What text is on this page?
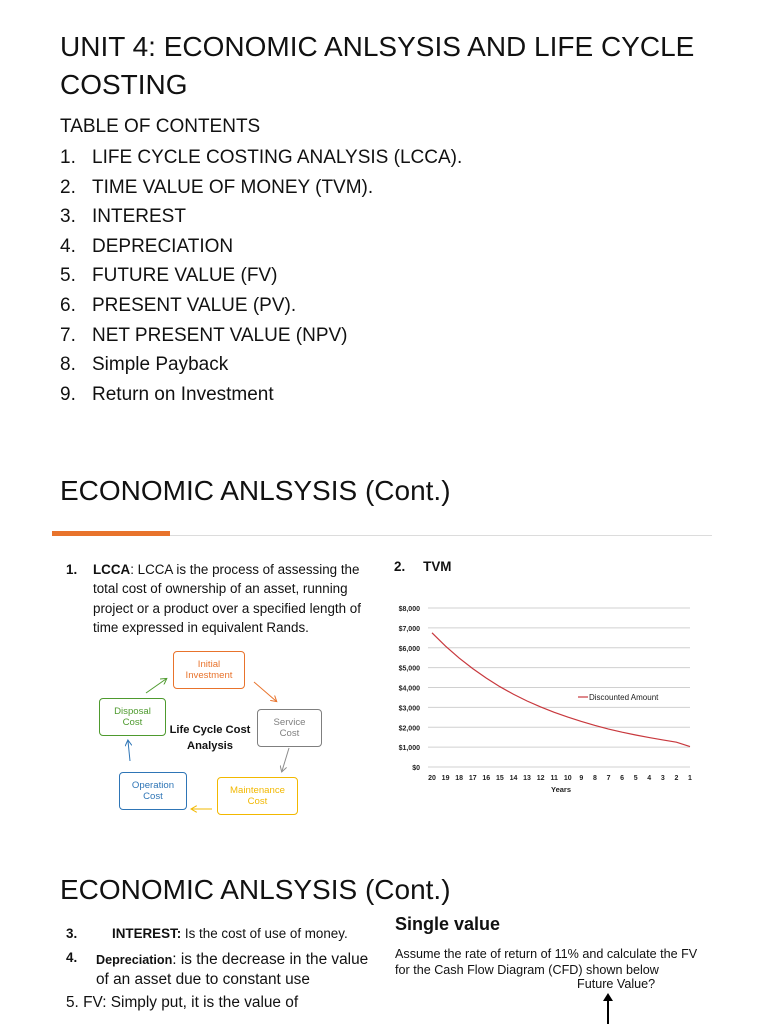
UNIT 4: ECONOMIC ANLSYSIS AND LIFE CYCLE COSTING
TABLE OF CONTENTS
1. LIFE CYCLE COSTING ANALYSIS (LCCA).
2. TIME VALUE OF MONEY (TVM).
3. INTEREST
4. DEPRECIATION
5. FUTURE VALUE (FV)
6. PRESENT VALUE (PV).
7. NET PRESENT VALUE (NPV)
8. Simple Payback
9. Return on Investment
ECONOMIC ANLSYSIS (Cont.)
1. LCCA: LCCA is the process of assessing the total cost of ownership of an asset, running project or a product over a specified length of time expressed in equivalent Rands.
Initial
Investment
Service
Cost
Maintenance
Cost
Operation
Cost
Disposal
Cost
Life Cycle Cost
Analysis
2. TVM
$0
$1,000
$2,000
$3,000
$4,000
$5,000
$6,000
$7,000
$8,000
20 19 18 17 16 15 14 13 12 11 10 9 8 7 6 5 4 3 2 1
Years
Discounted Amount
ECONOMIC ANLSYSIS (Cont.)
3.	INTEREST: Is the cost of use of money.
4. Depreciation: is the decrease in the value of an asset due to constant use
5. FV: Simply put, it is the value of
Single value
Assume the rate of return of 11% and calculate the FV for the Cash Flow Diagram (CFD) shown below
Future Value?
